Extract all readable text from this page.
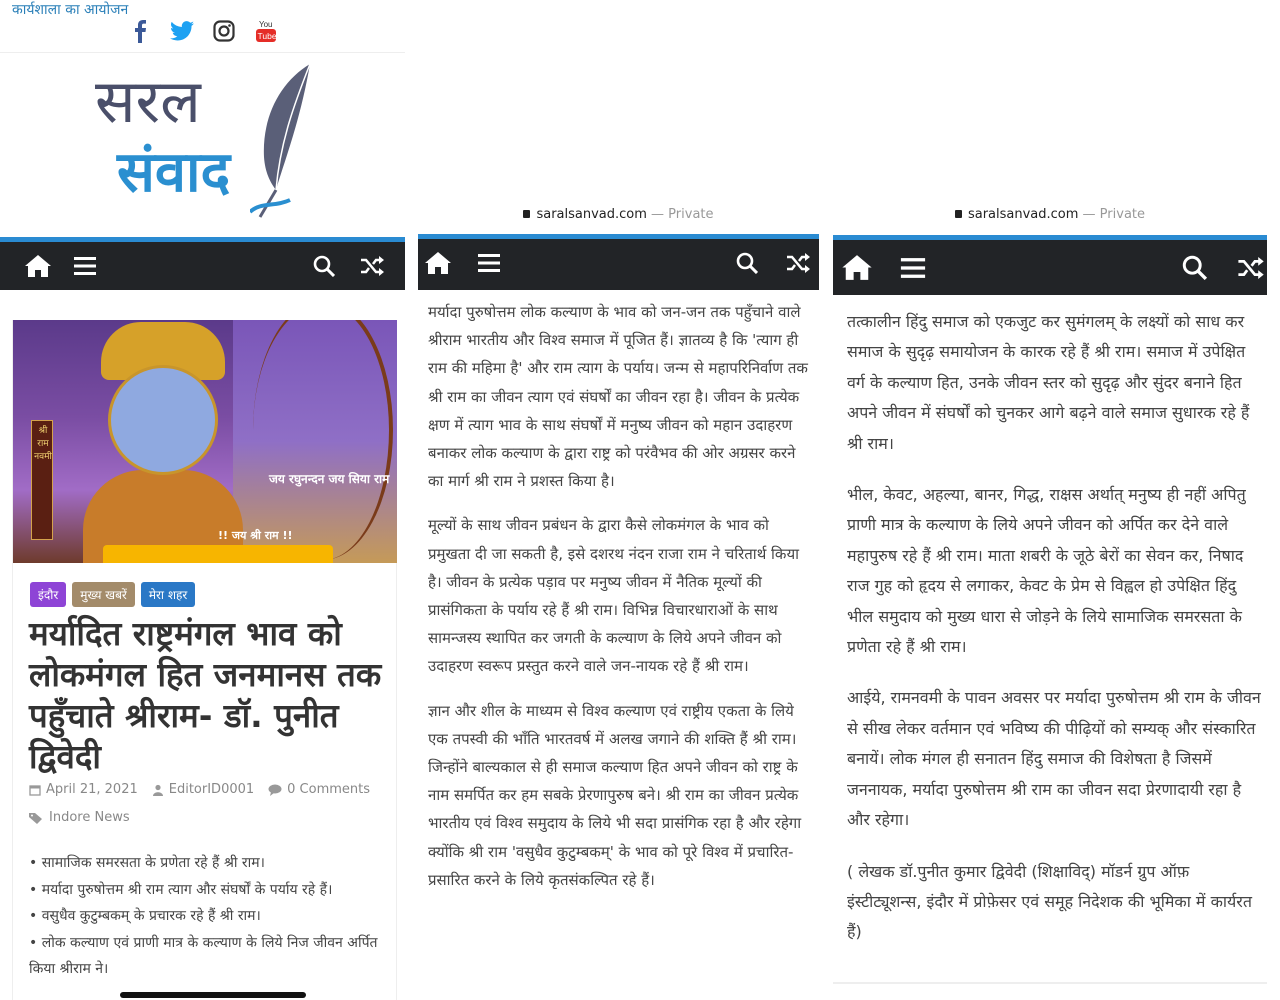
कार्यशाला का आयोजन
You
Tube
सरल
संवाद
श्री राम नवमी
जय रघुनन्दन जय सिया राम
!! जय श्री राम !!
इंदौर	मुख्य खबरें	मेरा शहर
मर्यादित राष्ट्रमंगल भाव को लोकमंगल हित जनमानस तक पहुँचाते श्रीराम- डॉ. पुनीत द्विवेदी
April 21, 2021 EditorID0001	0 Comments
Indore News
• सामाजिक समरसता के प्रणेता रहे हैं श्री राम।
• मर्यादा पुरुषोत्तम श्री राम त्याग और संघर्षों के पर्याय रहे हैं।
• वसुधैव कुटुम्बकम् के प्रचारक रहे हैं श्री राम।
• लोक कल्याण एवं प्राणी मात्र के कल्याण के लिये निज जीवन अर्पित किया श्रीराम ने।
saralsanvad.com — Private

मर्यादा पुरुषोत्तम लोक कल्याण के भाव को जन-जन तक पहुँचाने वाले श्रीराम भारतीय और विश्व समाज में पूजित हैं। ज्ञातव्य है कि 'त्याग ही राम की महिमा है' और राम त्याग के पर्याय। जन्म से महापरिनिर्वाण तक श्री राम का जीवन त्याग एवं संघर्षों का जीवन रहा है। जीवन के प्रत्येक क्षण में त्याग भाव के साथ संघर्षों में मनुष्य जीवन को महान उदाहरण बनाकर लोक कल्याण के द्वारा राष्ट्र को परंवैभव की ओर अग्रसर करने का मार्ग श्री राम ने प्रशस्त किया है।

मूल्यों के साथ जीवन प्रबंधन के द्वारा कैसे लोकमंगल के भाव को प्रमुखता दी जा सकती है, इसे दशरथ नंदन राजा राम ने चरितार्थ किया है। जीवन के प्रत्येक पड़ाव पर मनुष्य जीवन में नैतिक मूल्यों की प्रासंगिकता के पर्याय रहे हैं श्री राम। विभिन्न विचारधाराओं के साथ सामन्जस्य स्थापित कर जगती के कल्याण के लिये अपने जीवन को उदाहरण स्वरूप प्रस्तुत करने वाले जन-नायक रहे हैं श्री राम।

ज्ञान और शील के माध्यम से विश्व कल्याण एवं राष्ट्रीय एकता के लिये एक तपस्वी की भाँति भारतवर्ष में अलख जगाने की शक्ति हैं श्री राम। जिन्होंने बाल्यकाल से ही समाज कल्याण हित अपने जीवन को राष्ट्र के नाम समर्पित कर हम सबके प्रेरणापुरुष बने। श्री राम का जीवन प्रत्येक भारतीय एवं विश्व समुदाय के लिये भी सदा प्रासंगिक रहा है और रहेगा क्योंकि श्री राम 'वसुधैव कुटुम्बकम्' के भाव को पूरे विश्व में प्रचारित-प्रसारित करने के लिये कृतसंकल्पित रहे हैं।

saralsanvad.com — Private

तत्कालीन हिंदु समाज को एकजुट कर सुमंगलम् के लक्ष्यों को साध कर समाज के सुदृढ़ समायोजन के कारक रहे हैं श्री राम। समाज में उपेक्षित वर्ग के कल्याण हित, उनके जीवन स्तर को सुदृढ़ और सुंदर बनाने हित अपने जीवन में संघर्षों को चुनकर आगे बढ़ने वाले समाज सुधारक रहे हैं श्री राम।

भील, केवट, अहल्या, बानर, गिद्ध, राक्षस अर्थात् मनुष्य ही नहीं अपितु प्राणी मात्र के कल्याण के लिये अपने जीवन को अर्पित कर देने वाले महापुरुष रहे हैं श्री राम। माता शबरी के जूठे बेरों का सेवन कर, निषाद राज गुह को हृदय से लगाकर, केवट के प्रेम से विह्वल हो उपेक्षित हिंदु भील समुदाय को मुख्य धारा से जोड़ने के लिये सामाजिक समरसता के प्रणेता रहे हैं श्री राम।

आईये, रामनवमी के पावन अवसर पर मर्यादा पुरुषोत्तम श्री राम के जीवन से सीख लेकर वर्तमान एवं भविष्य की पीढ़ियों को सम्यक् और संस्कारित बनायें। लोक मंगल ही सनातन हिंदु समाज की विशेषता है जिसमें जननायक, मर्यादा पुरुषोत्तम श्री राम का जीवन सदा प्रेरणादायी रहा है और रहेगा।

( लेखक डॉ.पुनीत कुमार द्विवेदी (शिक्षाविद्) मॉडर्न ग्रुप ऑफ़ इंस्टीट्यूशन्स, इंदौर में प्रोफ़ेसर एवं समूह निदेशक की भूमिका में कार्यरत हैं)
